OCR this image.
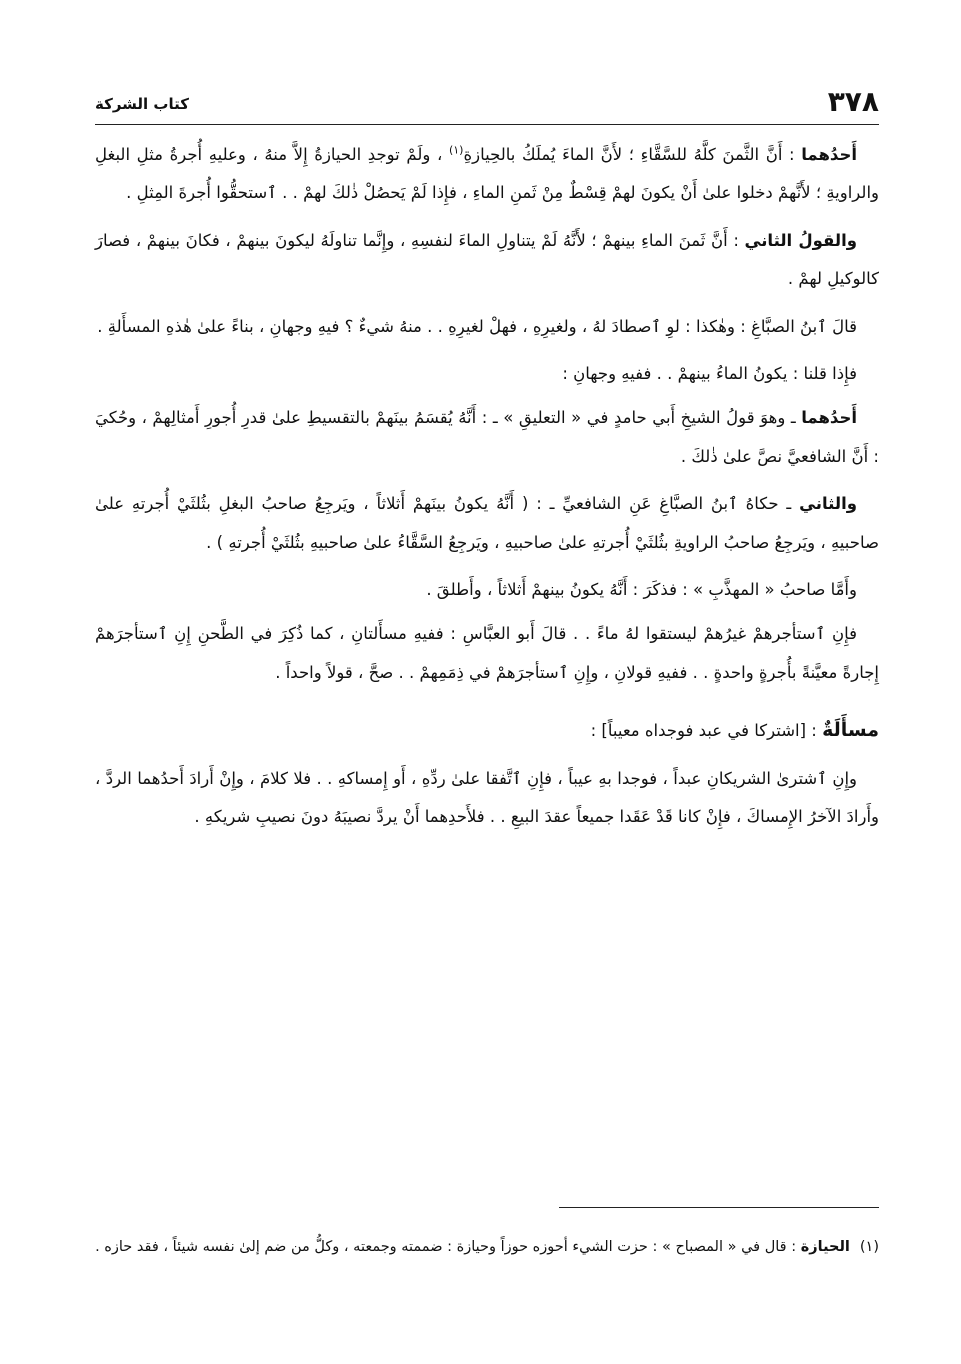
٣٧٨
كتاب الشركة

أَحدُهما : أَنَّ الثَّمنَ كلَّهُ للسَّقَّاءِ ؛ لأَنَّ الماءَ يُملَكُ بالحِيازةِ$^{(١)}$ ، ولَمْ توجدِ الحيازةُ إِلاَّ منهُ ، وعليهِ أُجرةُ مثلِ البغلِ والراويةِ ؛ لأَنَّهمْ دخلوا علىٰ أَنْ يكونَ لهمْ قِسْطٌ مِنْ ثَمنِ الماءِ ، فإِذا لَمْ يَحصُلْ ذٰلكَ لهمْ . . ٱستحقُّوا أُجرةَ المِثلِ .

والقولُ الثاني : أَنَّ ثَمنَ الماءِ بينهمْ ؛ لأَنَّهُ لَمْ يتناولِ الماءَ لنفسِهِ ، وإِنَّما تناولَهُ ليكونَ بينهمْ ، فكانَ بينهمْ ، فصارَ كالوكيلِ لهمْ .

قالَ ٱبنُ الصبَّاغِ : وهٰكذا : لوِ ٱصطادَ لهُ ، ولغيرِهِ ، فهلْ لغيرِهِ . . منهُ شيءٌ ؟ فيهِ وجهانِ ، بناءً علىٰ هٰذهِ المسأَلةِ .

فإِذا قلنا : يكونُ الماءُ بينهمْ . . ففيهِ وجهانِ :

أَحدُهما ـ وهوَ قولُ الشيخِ أَبي حامدٍ في « التعليقِ » ـ : أَنَّهُ يُقسَمُ بينَهمْ بالتقسيطِ علىٰ قدرِ أُجورِ أَمثالِهمْ ، وحُكيَ : أَنَّ الشافعيَّ نصَّ علىٰ ذٰلكَ .

والثاني ـ حكاهُ ٱبنُ الصبَّاغِ عَنِ الشافعيِّ ـ : ( أَنَّهُ يكونُ بينَهمْ أَثلاثاً ، ويَرجِعُ صاحبُ البغلِ بثُلثَيْ أُجرتهِ علىٰ صاحبيهِ ، ويَرجِعُ صاحبُ الراويةِ بثُلثَيْ أُجرتهِ علىٰ صاحبيهِ ، ويَرجِعُ السَّقَّاءُ علىٰ صاحبيهِ بثُلثَيْ أُجرتهِ ) .

وأَمَّا صاحبُ « المهذَّبِ » : فذكَرَ : أَنَّهُ يكونُ بينهمْ أَثلاثاً ، وأَطلقَ .

فإِنِ ٱستأجرهمْ غيرُهمْ ليستقوا لهُ ماءً . . قالَ أَبو العبَّاسِ : ففيهِ مسأَلتانِ ، كما ذُكِرَ في الطَّحنِ إِنِ ٱستأجرَهمْ إِجارةً معيَّنةً بأُجرةٍ واحدةٍ . . ففيهِ قولانِ ، وإِنِ ٱستأجرَهمْ في ذِمَمِهمْ . . صحَّ ، قولاً واحداً .

مسأَلَةٌ : [اشتركا في عبد فوجداه معيباً] :

وإِنِ ٱشترىٰ الشريكانِ عبداً ، فوجدا بهِ عيباً ، فإِنِ ٱتَّفقا علىٰ ردِّهِ ، أَو إِمساكهِ . . فلا كلامَ ، وإِنْ أَرادَ أَحدُهما الردَّ ، وأَرادَ الآخرُ الإِمساكَ ، فإِنْ كانا قَدْ عَقَدا جميعاً عقدَ البيعِ . . فلأَحدِهما أَنْ يردَّ نصيبَهُ دونَ نصيبِ شريكهِ .

(١)الحيازة : قال في « المصباح » : حزت الشيء أحوزه حوزاً وحيازة : ضممته وجمعته ، وكلُّ من ضم إلىٰ نفسه شيئاً ، فقد حازه .
